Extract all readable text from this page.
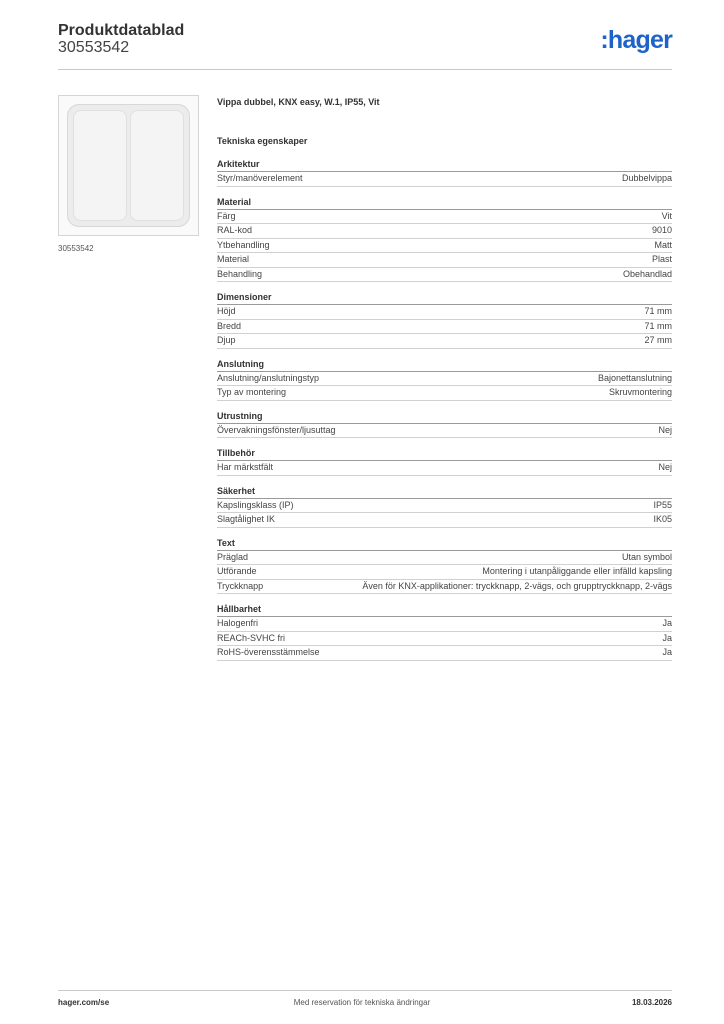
Produktdatablad
30553542	:hager
30553542
Vippa dubbel, KNX easy, W.1, IP55, Vit
Tekniska egenskaper
Arkitektur
Styr/manöverelement	Dubbelvippa
Material
Färg	Vit
RAL-kod	9010
Ytbehandling	Matt
Material	Plast
Behandling	Obehandlad
Dimensioner
Höjd	71 mm
Bredd	71 mm
Djup	27 mm
Anslutning
Anslutning/anslutningstyp	Bajonettanslutning
Typ av montering	Skruvmontering
Utrustning
Övervakningsfönster/ljusuttag	Nej
Tillbehör
Har märkstfält	Nej
Säkerhet
Kapslingsklass (IP)	IP55
Slagtålighet IK	IK05
Text
Präglad	Utan symbol
Utförande	Montering i utanpåliggande eller infälld kapsling
Tryckknapp	Även för KNX-applikationer: tryckknapp, 2-vägs, och grupptryckknapp, 2-vägs
Hållbarhet
Halogenfri	Ja
REACh-SVHC fri	Ja
RoHS-överensstämmelse	Ja
hager.com/se	Med reservation för tekniska ändringar	18.03.2026
